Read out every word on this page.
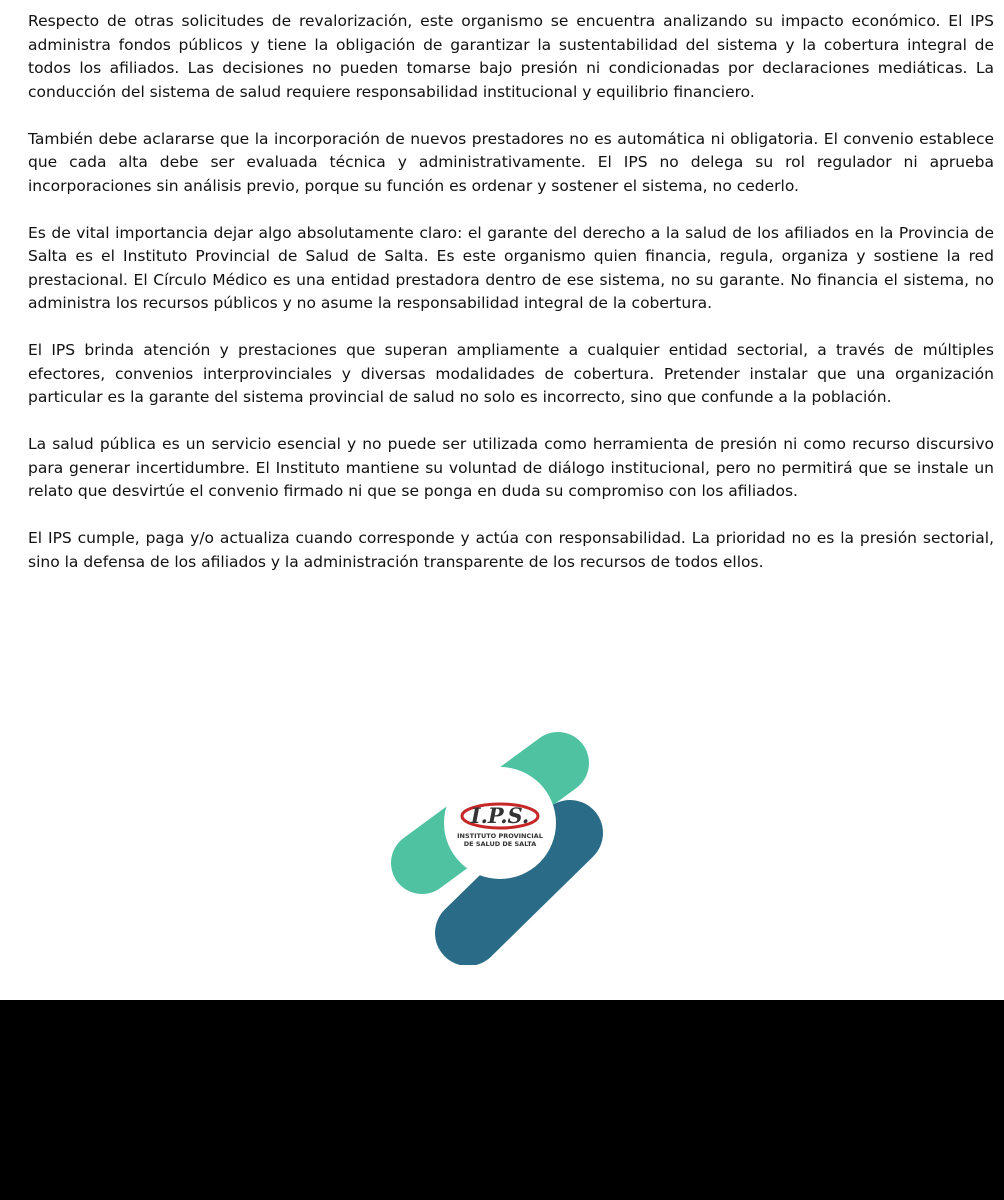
Respecto de otras solicitudes de revalorización, este organismo se encuentra analizando su impacto económico. El IPS administra fondos públicos y tiene la obligación de garantizar la sustentabilidad del sistema y la cobertura integral de todos los afiliados. Las decisiones no pueden tomarse bajo presión ni condicionadas por declaraciones mediáticas. La conducción del sistema de salud requiere responsabilidad institucional y equilibrio financiero.

También debe aclararse que la incorporación de nuevos prestadores no es automática ni obligatoria. El convenio establece que cada alta debe ser evaluada técnica y administrativamente. El IPS no delega su rol regulador ni aprueba incorporaciones sin análisis previo, porque su función es ordenar y sostener el sistema, no cederlo.

Es de vital importancia dejar algo absolutamente claro: el garante del derecho a la salud de los afiliados en la Provincia de Salta es el Instituto Provincial de Salud de Salta. Es este organismo quien financia, regula, organiza y sostiene la red prestacional. El Círculo Médico es una entidad prestadora dentro de ese sistema, no su garante. No financia el sistema, no administra los recursos públicos y no asume la responsabilidad integral de la cobertura.

El IPS brinda atención y prestaciones que superan ampliamente a cualquier entidad sectorial, a través de múltiples efectores, convenios interprovinciales y diversas modalidades de cobertura. Pretender instalar que una organización particular es la garante del sistema provincial de salud no solo es incorrecto, sino que confunde a la población.

La salud pública es un servicio esencial y no puede ser utilizada como herramienta de presión ni como recurso discursivo para generar incertidumbre. El Instituto mantiene su voluntad de diálogo institucional, pero no permitirá que se instale un relato que desvirtúe el convenio firmado ni que se ponga en duda su compromiso con los afiliados.

El IPS cumple, paga y/o actualiza cuando corresponde y actúa con responsabilidad. La prioridad no es la presión sectorial, sino la defensa de los afiliados y la administración transparente de los recursos de todos ellos.

I.P.S.
INSTITUTO PROVINCIAL
DE SALUD DE SALTA
